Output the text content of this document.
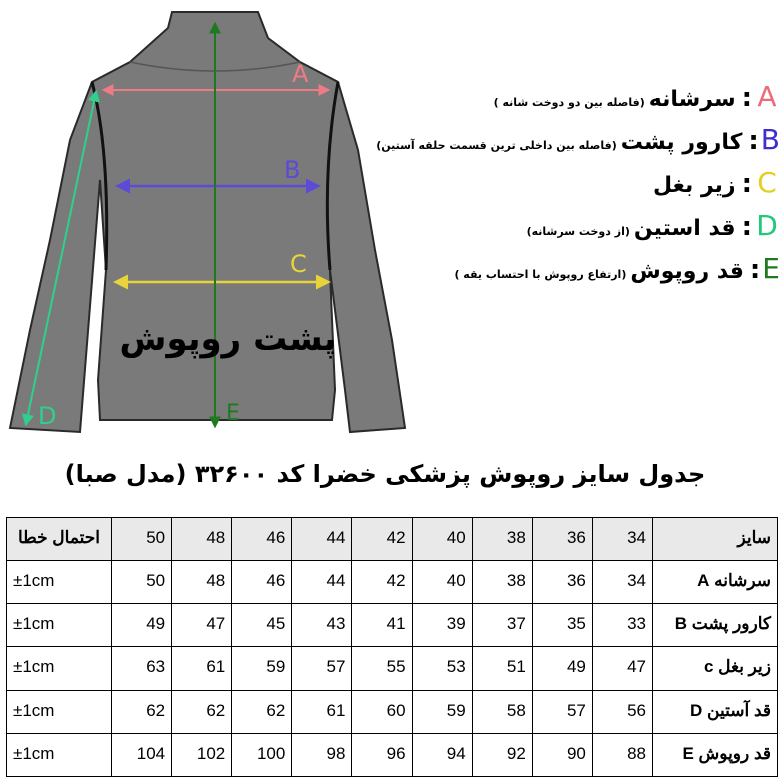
A
B
C
D	E
پشت روپوش
A
:
سرشانه
(فاصله بین دو دوخت شانه )
B
:
کارور پشت
(فاصله بین داخلی ترین قسمت حلقه آستین)
C
:
زیر بغل
D
:
قد استین
(از دوخت سرشانه)
E
:
قد روپوش
(ارتفاع روپوش با احتساب یقه )
جدول سایز روپوش پزشکی خضرا کد ۳۲۶۰۰ (مدل صبا)
سایز	34	36	38	40	42	44	46	48	50	احتمال خطا
سرشانه A	34	36	38	40	42	44	46	48	50	±1cm
کارور پشت B	33	35	37	39	41	43	45	47	49	±1cm
زیر بغل c	47	49	51	53	55	57	59	61	63	±1cm
قد آستین D	56	57	58	59	60	61	62	62	62	±1cm
قد روپوش E	88	90	92	94	96	98	100	102	104	±1cm
